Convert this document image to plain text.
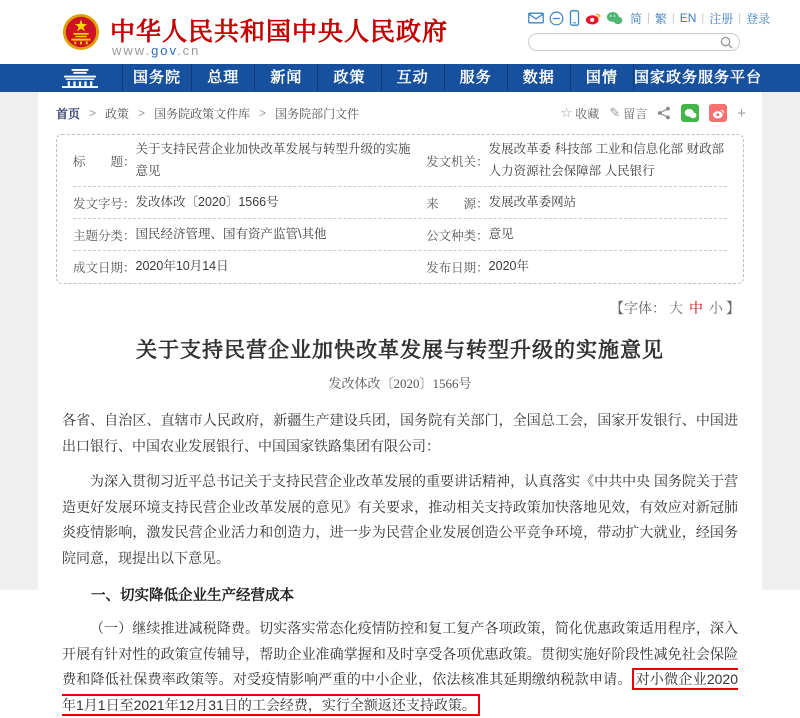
中华人民共和国中央人民政府
www.gov.cn
简 | 繁 | EN | 注册 | 登录
国务院	总理	新闻	政策	互动	服务	数据	国情	国家政务服务平台
首页 > 政策 > 国务院政策文件库 > 国务院部门文件	☆ 收藏 ✎ 留言	+
标　　题：
关于支持民营企业加快改革发展与转型升级的实施意见
发文机关：
发展改革委 科技部 工业和信息化部 财政部 人力资源社会保障部 人民银行
发文字号： 发改体改〔2020〕1566号	来　　源： 发展改革委网站
主题分类： 国民经济管理、国有资产监管\其他	公文种类： 意见
成文日期： 2020年10月14日	发布日期： 2020年
【字体： 大 中 小 】
关于支持民营企业加快改革发展与转型升级的实施意见
发改体改〔2020〕1566号

各省、自治区、直辖市人民政府，新疆生产建设兵团，国务院有关部门，全国总工会，国家开发银行、中国进出口银行、中国农业发展银行、中国国家铁路集团有限公司：

为深入贯彻习近平总书记关于支持民营企业改革发展的重要讲话精神，认真落实《中共中央 国务院关于营造更好发展环境支持民营企业改革发展的意见》有关要求，推动相关支持政策加快落地见效，有效应对新冠肺炎疫情影响，激发民营企业活力和创造力，进一步为民营企业发展创造公平竞争环境，带动扩大就业，经国务院同意，现提出以下意见。

一、切实降低企业生产经营成本

（一）继续推进减税降费。切实落实常态化疫情防控和复工复产各项政策，简化优惠政策适用程序，深入开展有针对性的政策宣传辅导，帮助企业准确掌握和及时享受各项优惠政策。贯彻实施好阶段性减免社会保险费和降低社保费率政策等。对受疫情影响严重的中小企业，依法核准其延期缴纳税款申请。 对小微企业2020年1月1日至2021年12月31日的工会经费，实行全额返还支持政策。
